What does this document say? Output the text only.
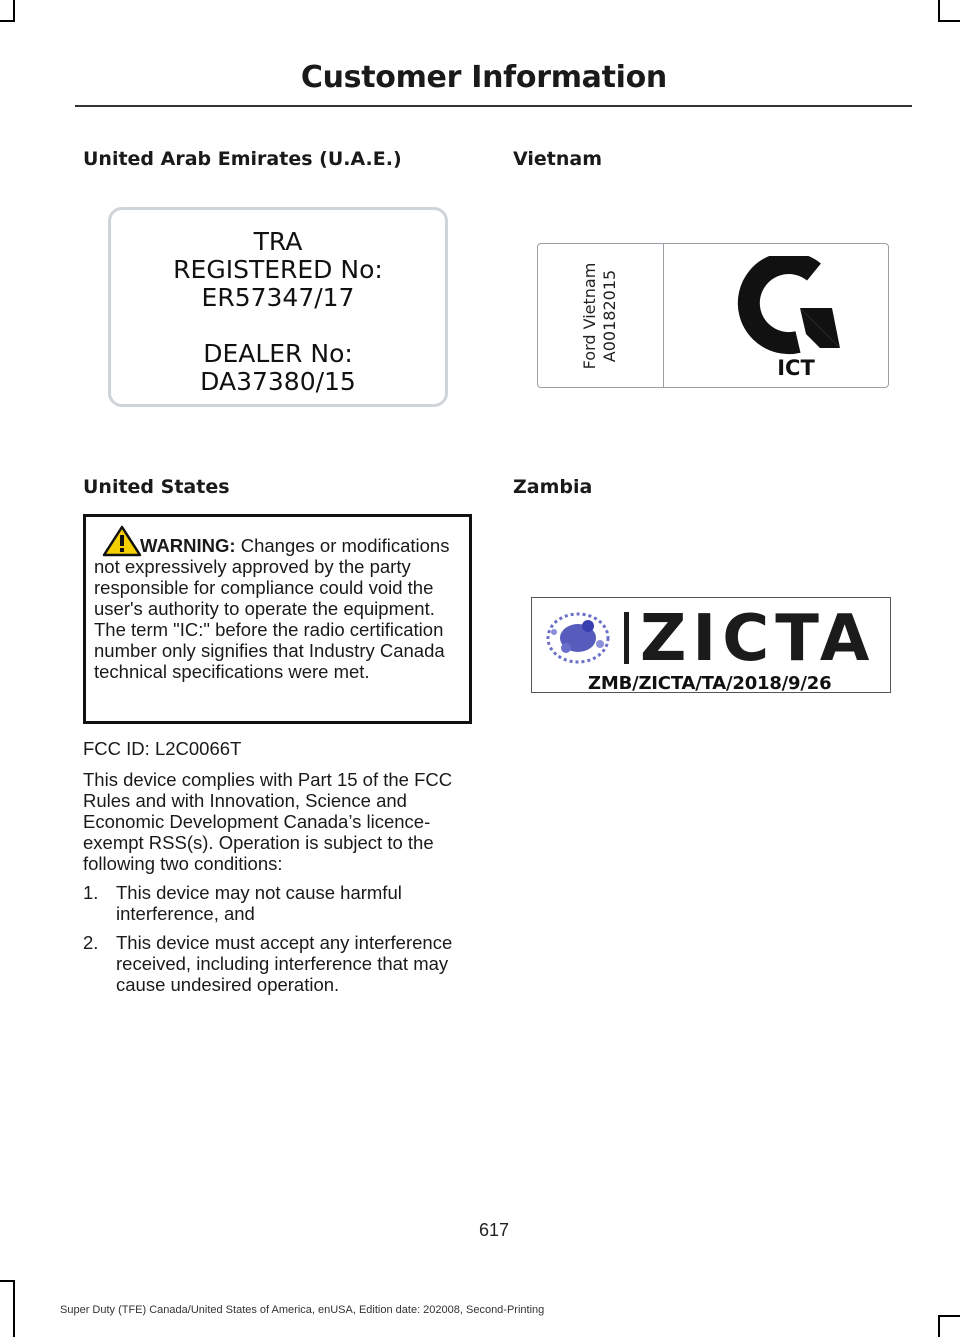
Customer Information
United Arab Emirates (U.A.E.)
TRA
REGISTERED No:
ER57347/17
DEALER No:
DA37380/15
Vietnam
Ford Vietnam A00182015
ICT
United States
WARNING: Changes or modifications not expressively approved by the party responsible for compliance could void the user's authority to operate the equipment. The term "IC:" before the radio certification number only signifies that Industry Canada technical specifications were met.

FCC ID: L2C0066T

This device complies with Part 15 of the FCC Rules and with Innovation, Science and Economic Development Canada’s licence-exempt RSS(s). Operation is subject to the following two conditions:

1. This device may not cause harmful interference, and
2. This device must accept any interference received, including interference that may cause undesired operation.
Zambia
ZICTA
ZMB/ZICTA/TA/2018/9/26
617
Super Duty (TFE) Canada/United States of America, enUSA, Edition date: 202008, Second-Printing
